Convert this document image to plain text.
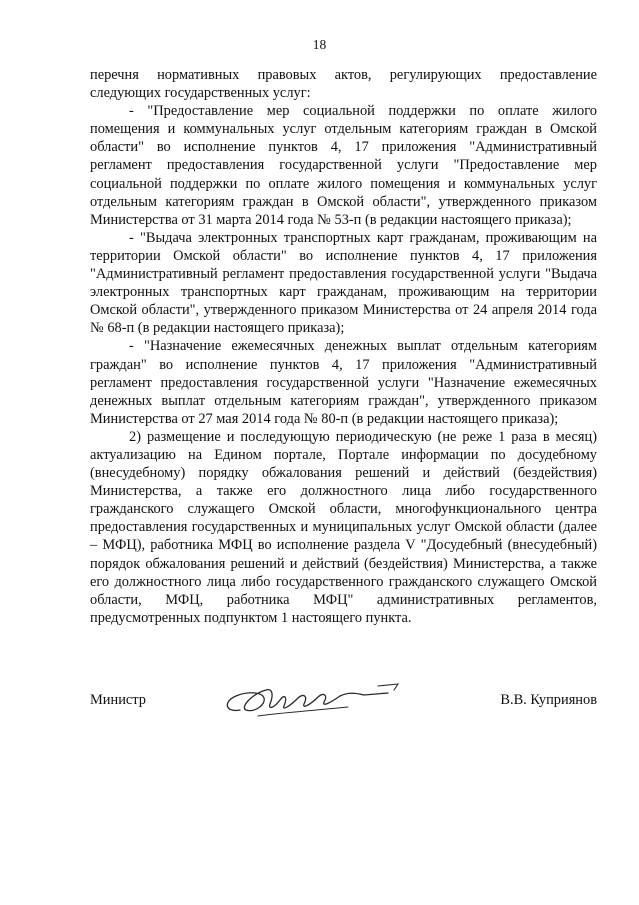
18

перечня нормативных правовых актов, регулирующих предоставление следующих государственных услуг:

- "Предоставление мер социальной поддержки по оплате жилого помещения и коммунальных услуг отдельным категориям граждан в Омской области" во исполнение пунктов 4, 17 приложения "Административный регламент предоставления государственной услуги "Предоставление мер социальной поддержки по оплате жилого помещения и коммунальных услуг отдельным категориям граждан в Омской области", утвержденного приказом Министерства от 31 марта 2014 года № 53-п (в редакции настоящего приказа);

- "Выдача электронных транспортных карт гражданам, проживающим на территории Омской области" во исполнение пунктов 4, 17 приложения "Административный регламент предоставления государственной услуги "Выдача электронных транспортных карт гражданам, проживающим на территории Омской области", утвержденного приказом Министерства от 24 апреля 2014 года № 68-п (в редакции настоящего приказа);

- "Назначение ежемесячных денежных выплат отдельным категориям граждан" во исполнение пунктов 4, 17 приложения "Административный регламент предоставления государственной услуги "Назначение ежемесячных денежных выплат отдельным категориям граждан", утвержденного приказом Министерства от 27 мая 2014 года № 80-п (в редакции настоящего приказа);

2) размещение и последующую периодическую (не реже 1 раза в месяц) актуализацию на Едином портале, Портале информации по досудебному (внесудебному) порядку обжалования решений и действий (бездействия) Министерства, а также его должностного лица либо государственного гражданского служащего Омской области, многофункционального центра предоставления государственных и муниципальных услуг Омской области (далее – МФЦ), работника МФЦ во исполнение раздела V "Досудебный (внесудебный) порядок обжалования решений и действий (бездействия) Министерства, а также его должностного лица либо государственного гражданского служащего Омской области, МФЦ, работника МФЦ" административных регламентов, предусмотренных подпунктом 1 настоящего пункта.

Министр	В.В. Куприянов
